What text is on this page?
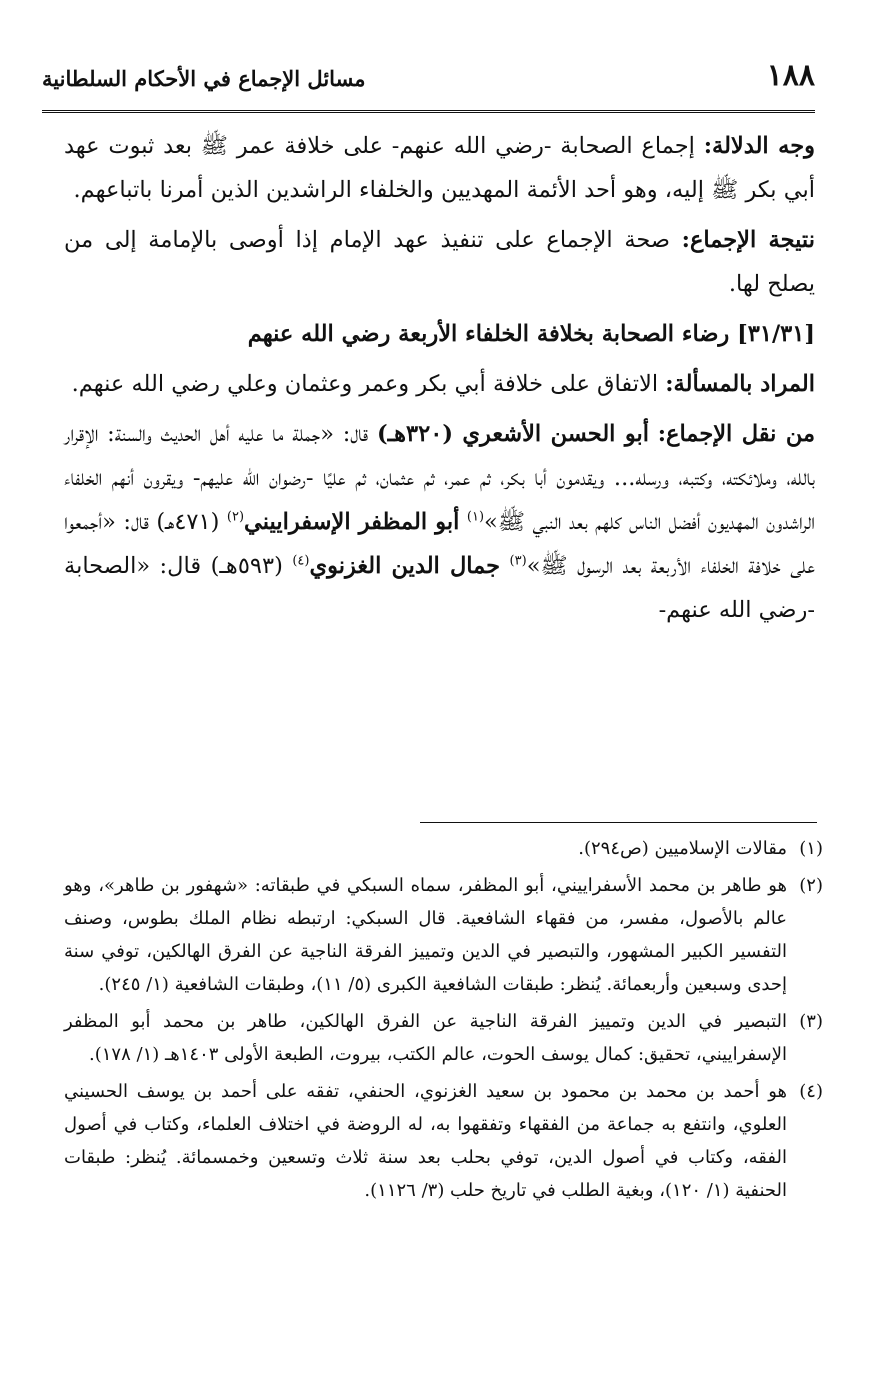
١٨٨
مسائل الإجماع في الأحكام السلطانية

وجه الدلالة: إجماع الصحابة -رضي الله عنهم- على خلافة عمر ﷺ بعد ثبوت عهد أبي بكر ﷺ إليه، وهو أحد الأئمة المهديين والخلفاء الراشدين الذين أمرنا باتباعهم.

نتيجة الإجماع: صحة الإجماع على تنفيذ عهد الإمام إذا أوصى بالإمامة إلى من يصلح لها.

[٣١/٣١] رضاء الصحابة بخلافة الخلفاء الأربعة رضي الله عنهم

المراد بالمسألة: الاتفاق على خلافة أبي بكر وعمر وعثمان وعلي رضي الله عنهم.

من نقل الإجماع: أبو الحسن الأشعري (٣٢٠هـ) قال: «جملة ما عليه أهل الحديث والسنة: الإقرار بالله، وملائكته، وكتبه، ورسله... ويقدمون أبا بكر، ثم عمر، ثم عثمان، ثم عليًا -رضوان الله عليهم- ويقرون أنهم الخلفاء الراشدون المهديون أفضل الناس كلهم بعد النبي ﷺ»$^{(١)}$ أبو المظفر الإسفراييني$^{(٢)}$ (٤٧١هـ) قال: «أجمعوا على خلافة الخلفاء الأربعة بعد الرسول ﷺ»$^{(٣)}$ جمال الدين الغزنوي$^{(٤)}$ (٥٩٣هـ) قال: «الصحابة -رضي الله عنهم-

(١)
مقالات الإسلاميين (ص٢٩٤).
(٢)
هو طاهر بن محمد الأسفراييني، أبو المظفر، سماه السبكي في طبقاته: «شهفور بن طاهر»، وهو عالم بالأصول، مفسر، من فقهاء الشافعية. قال السبكي: ارتبطه نظام الملك بطوس، وصنف التفسير الكبير المشهور، والتبصير في الدين وتمييز الفرقة الناجية عن الفرق الهالكين، توفي سنة إحدى وسبعين وأربعمائة. يُنظر: طبقات الشافعية الكبرى (٥/ ١١)، وطبقات الشافعية (١/ ٢٤٥).
(٣)
التبصير في الدين وتمييز الفرقة الناجية عن الفرق الهالكين، طاهر بن محمد أبو المظفر الإسفراييني، تحقيق: كمال يوسف الحوت، عالم الكتب، بيروت، الطبعة الأولى ١٤٠٣هـ (١/ ١٧٨).
(٤)
هو أحمد بن محمد بن محمود بن سعيد الغزنوي، الحنفي، تفقه على أحمد بن يوسف الحسيني العلوي، وانتفع به جماعة من الفقهاء وتفقهوا به، له الروضة في اختلاف العلماء، وكتاب في أصول الفقه، وكتاب في أصول الدين، توفي بحلب بعد سنة ثلاث وتسعين وخمسمائة. يُنظر: طبقات الحنفية (١/ ١٢٠)، وبغية الطلب في تاريخ حلب (٣/ ١١٢٦).
